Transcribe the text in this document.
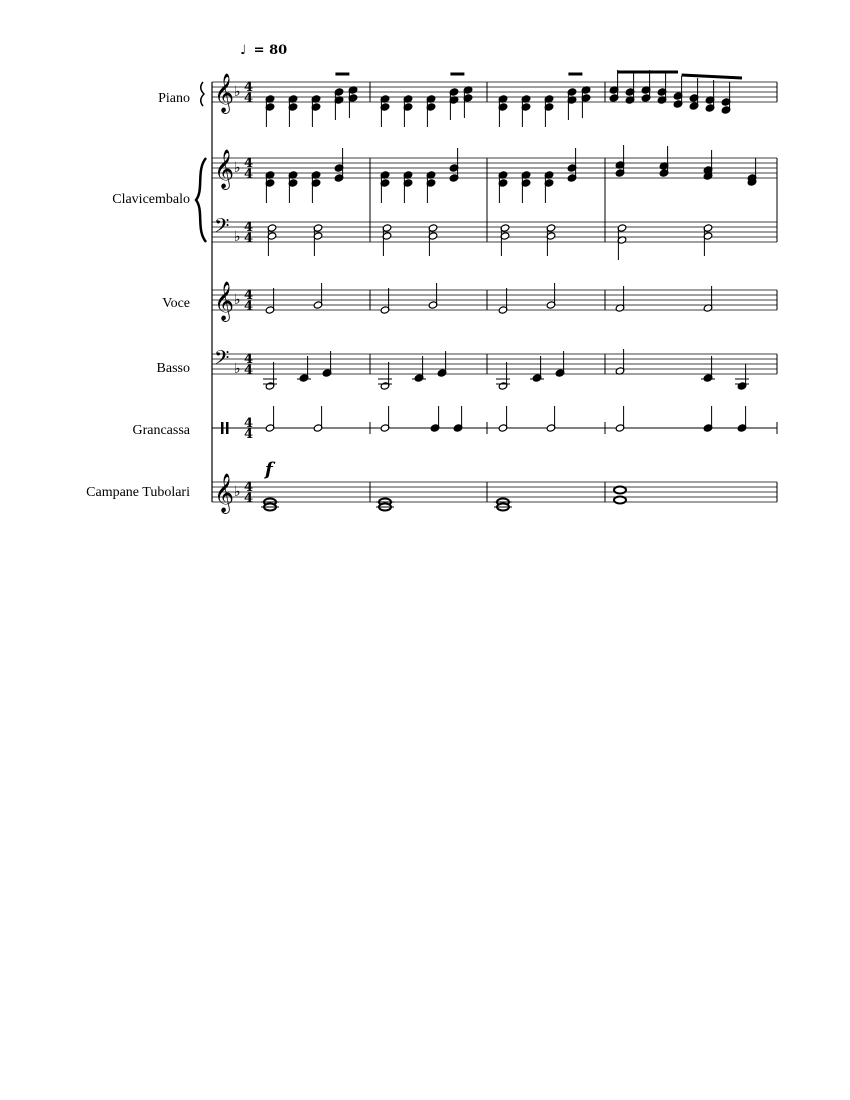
♩ = 80
Piano
Clavicembalo
Voce
Basso
Grancassa
Campane Tubolari
f
𝄞 ♭ 4
4
𝄞 ♭ 4
4
𝄢 ♭
4
4
𝄞 ♭ 4
4
𝄢 ♭
4
4
4
4
𝄞 ♭ 4
4
